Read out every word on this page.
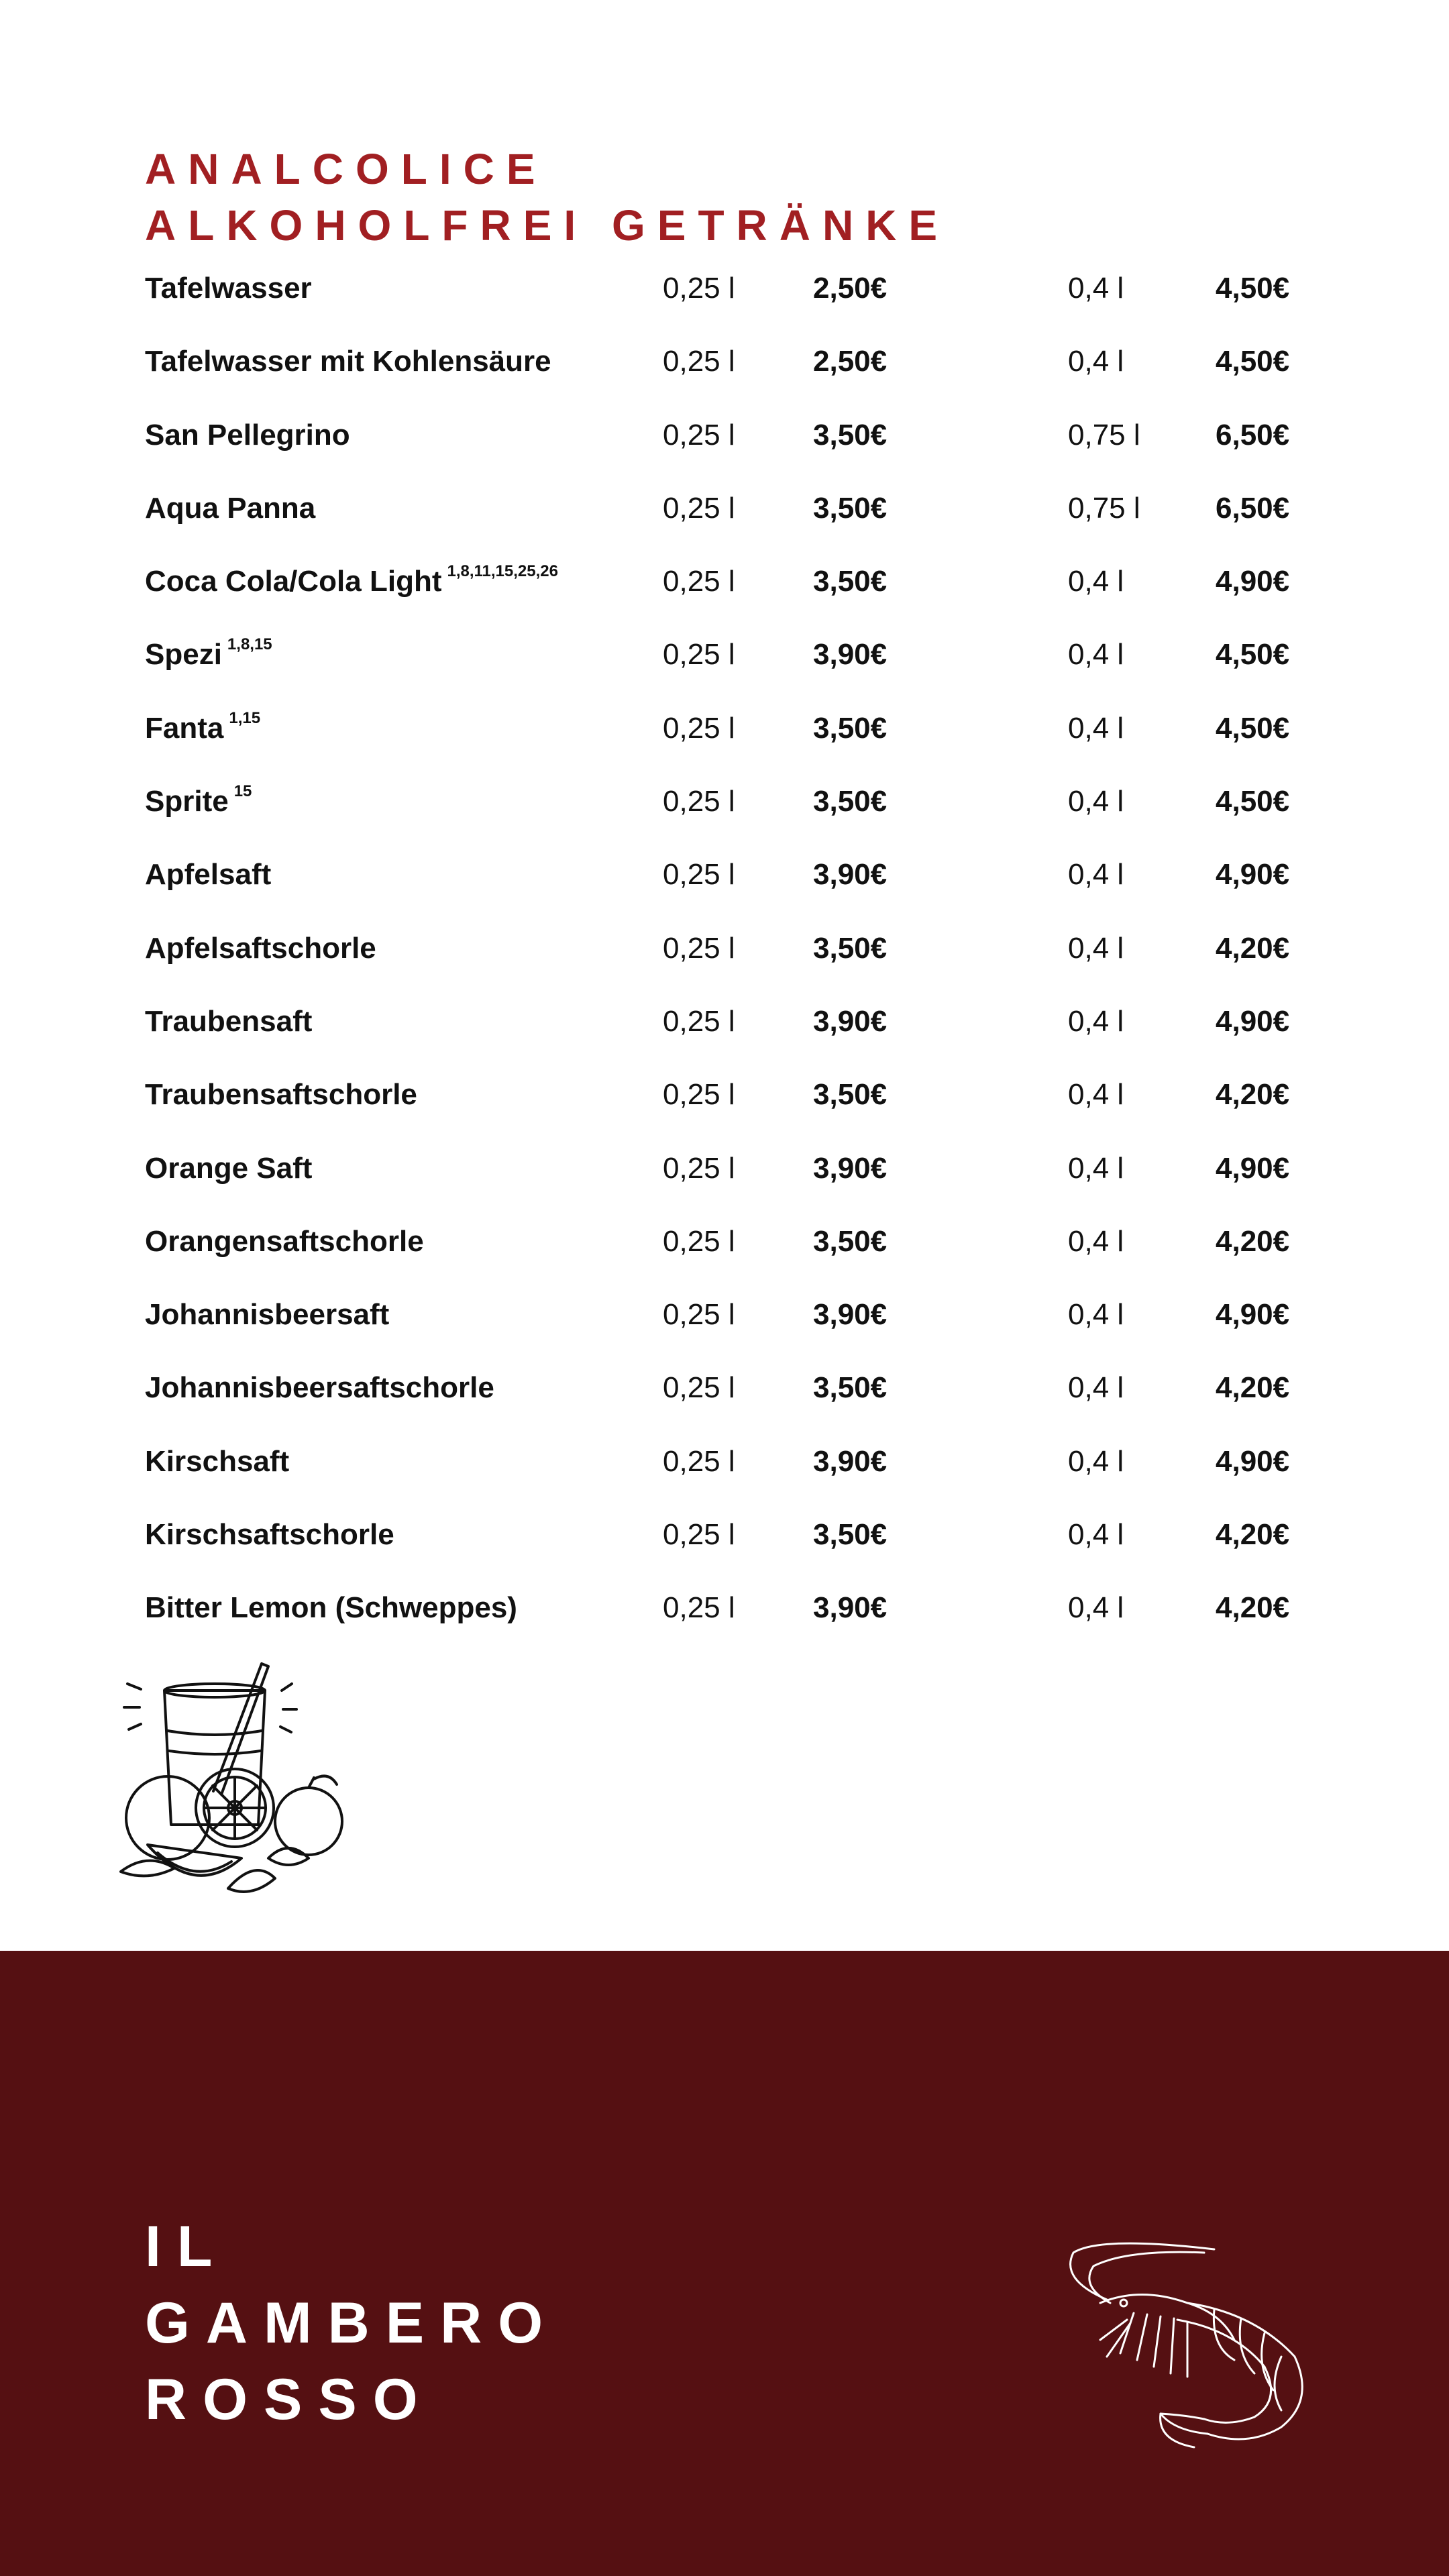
ANALCOLICE
ALKOHOLFREI GETRÄNKE
Tafelwasser	0,25 l	2,50€	0,4 l	4,50€
Tafelwasser mit Kohlensäure	0,25 l	2,50€	0,4 l	4,50€
San Pellegrino	0,25 l	3,50€	0,75 l	6,50€
Aqua Panna	0,25 l	3,50€	0,75 l	6,50€
Coca Cola/Cola Light $^{1,8,11,15,25,26}$	0,25 l	3,50€	0,4 l	4,90€
Spezi $^{1,8,15}$	0,25 l	3,90€	0,4 l	4,50€
Fanta $^{1,15}$	0,25 l	3,50€	0,4 l	4,50€
Sprite $^{15}$	0,25 l	3,50€	0,4 l	4,50€
Apfelsaft	0,25 l	3,90€	0,4 l	4,90€
Apfelsaftschorle	0,25 l	3,50€	0,4 l	4,20€
Traubensaft	0,25 l	3,90€	0,4 l	4,90€
Traubensaftschorle	0,25 l	3,50€	0,4 l	4,20€
Orange Saft	0,25 l	3,90€	0,4 l	4,90€
Orangensaftschorle	0,25 l	3,50€	0,4 l	4,20€
Johannisbeersaft	0,25 l	3,90€	0,4 l	4,90€
Johannisbeersaftschorle	0,25 l	3,50€	0,4 l	4,20€
Kirschsaft	0,25 l	3,90€	0,4 l	4,90€
Kirschsaftschorle	0,25 l	3,50€	0,4 l	4,20€
Bitter Lemon (Schweppes)	0,25 l	3,90€	0,4 l	4,20€
IL
GAMBERO
ROSSO
